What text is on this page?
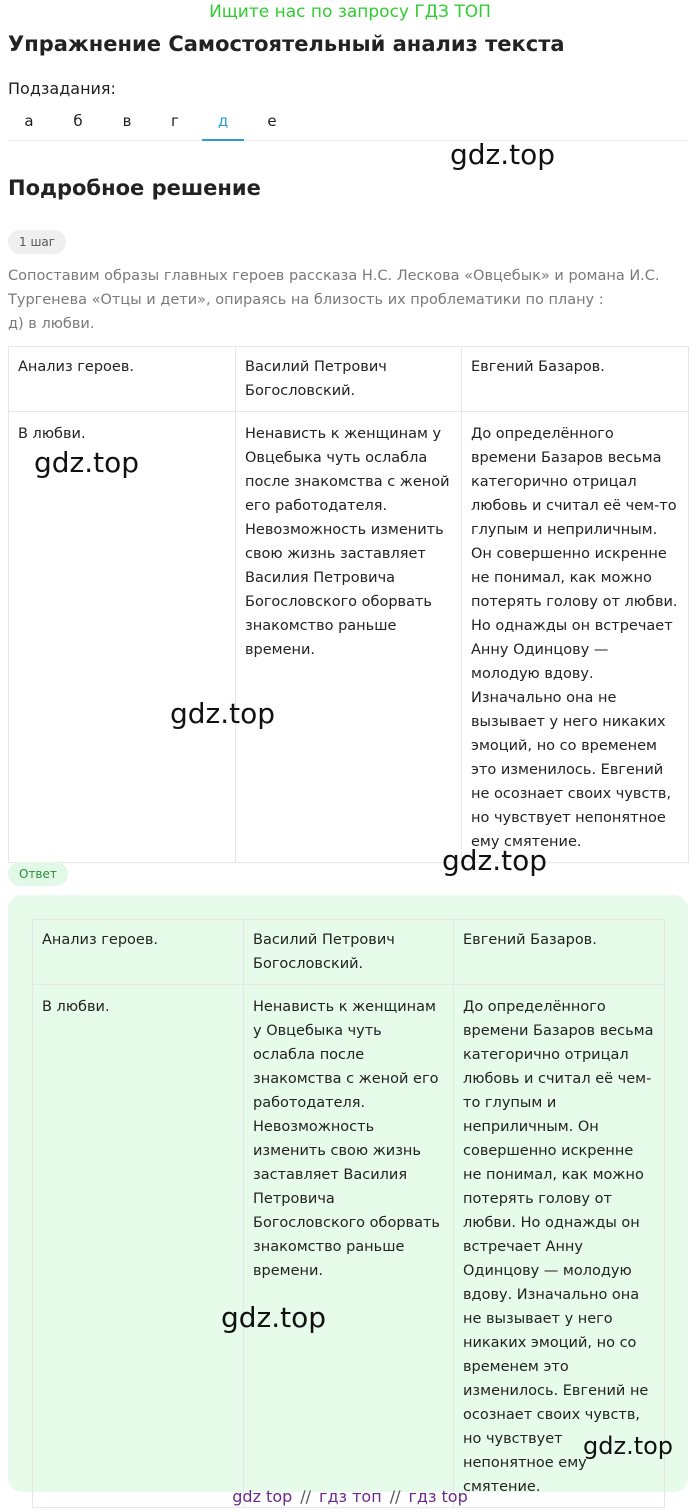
Ищите нас по запросу ГДЗ ТОП
Упражнение Самостоятельный анализ текста
Подзадания:
а	б	в	г	д	е
gdz.top
Подробное решение
1 шаг
Сопоставим образы главных героев рассказа Н.С. Лескова «Овцебык» и романа И.С. Тургенева «Отцы и дети», опираясь на близость их проблематики по плану :
д) в любви.
Анализ героев.	Василий Петрович Богословский.	Евгений Базаров.
В любви.	Ненависть к женщинам у Овцебыка чуть ослабла после знакомства с женой его работодателя. Невозможность изменить свою жизнь заставляет Василия Петровича Богословского оборвать знакомство раньше времени.	До определённого времени Базаров весьма категорично отрицал любовь и считал её чем-то глупым и неприличным. Он совершенно искренне не понимал, как можно потерять голову от любви. Но однажды он встречает Анну Одинцову — молодую вдову. Изначально она не вызывает у него никаких эмоций, но со временем это изменилось. Евгений не осознает своих чувств, но чувствует непонятное ему смятение.
gdz.top
gdz.top
gdz.top
Ответ
Анализ героев.	Василий Петрович Богословский.	Евгений Базаров.
В любви.	Ненависть к женщинам у Овцебыка чуть ослабла после знакомства с женой его работодателя. Невозможность изменить свою жизнь заставляет Василия Петровича Богословского оборвать знакомство раньше времени.	До определённого времени Базаров весьма категорично отрицал любовь и считал её чем-то глупым и неприличным. Он совершенно искренне не понимал, как можно потерять голову от любви. Но однажды он встречает Анну Одинцову — молодую вдову. Изначально она не вызывает у него никаких эмоций, но со временем это изменилось. Евгений не осознает своих чувств, но чувствует непонятное ему смятение.
gdz.top
gdz.top
gdz top // гдз топ // гдз top
